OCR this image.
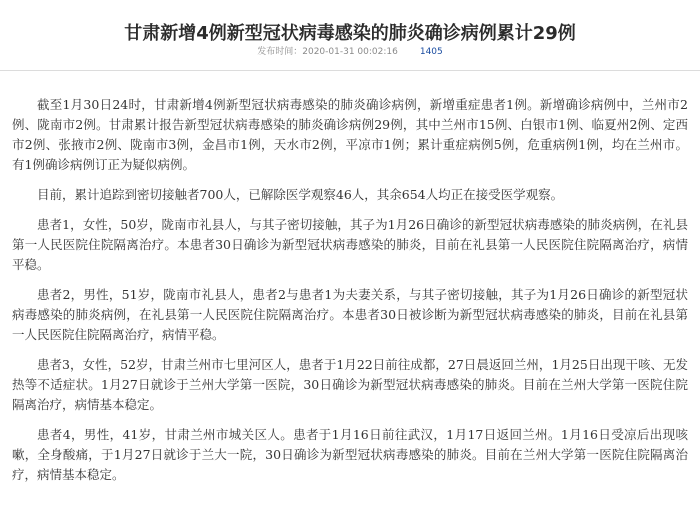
甘肃新增4例新型冠状病毒感染的肺炎确诊病例累计29例
发布时间：2020-01-31 00:02:16 1405

截至1月30日24时，甘肃新增4例新型冠状病毒感染的肺炎确诊病例，新增重症患者1例。新增确诊病例中，兰州市2例、陇南市2例。甘肃累计报告新型冠状病毒感染的肺炎确诊病例29例，其中兰州市15例、白银市1例、临夏州2例、定西市2例、张掖市2例、陇南市3例，金昌市1例，天水市2例，平凉市1例；累计重症病例5例，危重病例1例，均在兰州市。有1例确诊病例订正为疑似病例。

目前，累计追踪到密切接触者700人，已解除医学观察46人，其余654人均正在接受医学观察。

患者1，女性，50岁，陇南市礼县人，与其子密切接触，其子为1月26日确诊的新型冠状病毒感染的肺炎病例，在礼县第一人民医院住院隔离治疗。本患者30日确诊为新型冠状病毒感染的肺炎，目前在礼县第一人民医院住院隔离治疗，病情平稳。

患者2，男性，51岁，陇南市礼县人，患者2与患者1为夫妻关系，与其子密切接触，其子为1月26日确诊的新型冠状病毒感染的肺炎病例，在礼县第一人民医院住院隔离治疗。本患者30日被诊断为新型冠状病毒感染的肺炎，目前在礼县第一人民医院住院隔离治疗，病情平稳。

患者3，女性，52岁，甘肃兰州市七里河区人，患者于1月22日前往成都，27日晨返回兰州，1月25日出现干咳、无发热等不适症状。1月27日就诊于兰州大学第一医院，30日确诊为新型冠状病毒感染的肺炎。目前在兰州大学第一医院住院隔离治疗，病情基本稳定。

患者4，男性，41岁，甘肃兰州市城关区人。患者于1月16日前往武汉，1月17日返回兰州。1月16日受凉后出现咳嗽，全身酸痛，于1月27日就诊于兰大一院，30日确诊为新型冠状病毒感染的肺炎。目前在兰州大学第一医院住院隔离治疗，病情基本稳定。
